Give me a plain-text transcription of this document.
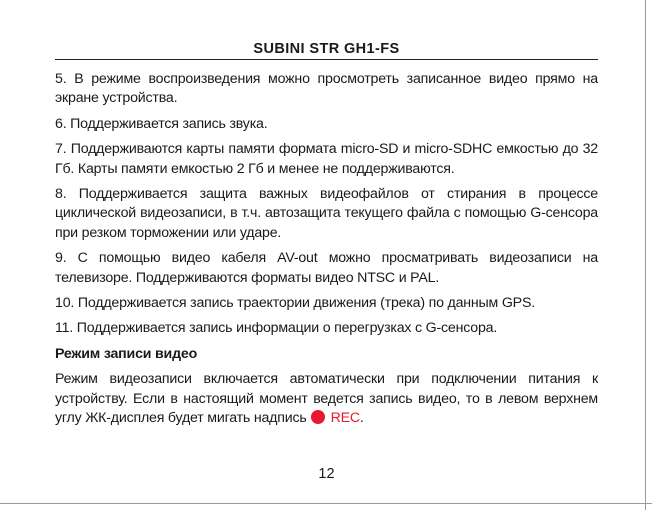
SUBINI STR GH1-FS

5. В режиме воспроизведения можно просмотреть записанное видео прямо на экране устройства.

6. Поддерживается запись звука.

7. Поддерживаются карты памяти формата micro-SD и micro-SDHC емкостью до 32 Гб. Карты памяти емкостью 2 Гб и менее не поддерживаются.

8. Поддерживается защита важных видеофайлов от стирания в процессе циклической видеозаписи, в т.ч. автозащита текущего файла с помощью G-сенсора при резком торможении или ударе.

9. С помощью видео кабеля AV-out можно просматривать видеозаписи на телевизоре. Поддерживаются форматы видео NTSC и PAL.

10. Поддерживается запись траектории движения (трека) по данным GPS.

11. Поддерживается запись информации о перегрузках с G-сенсора.

Режим записи видео

Режим видеозаписи включается автоматически при подключении питания к устройству. Если в настоящий момент ведется запись видео, то в левом верхнем углу ЖК-дисплея будет мигать надпись REC.

12
